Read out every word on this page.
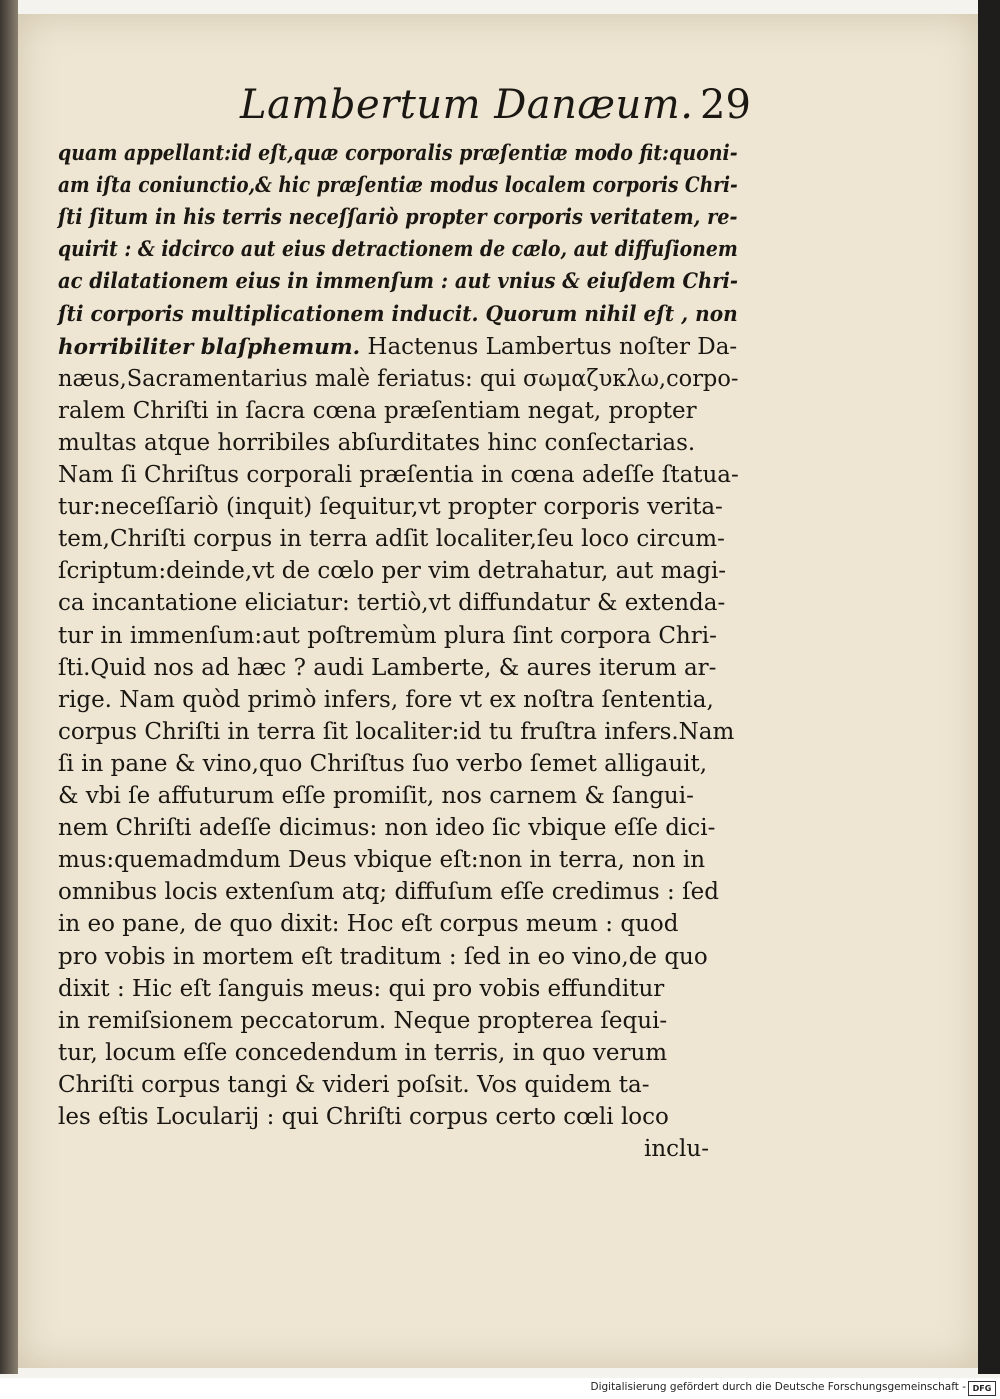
Lambertum Danæum. 29
quam appellant:id eſt,quæ corporalis præſentiæ modo fit:quoni-
am iſta coniunctio,& hic præſentiæ modus localem corporis Chri-
ſti ſitum in his terris neceſſariò propter corporis veritatem, re-
quirit : & idcirco aut eius detractionem de cælo, aut diffuſionem
ac dilatationem eius in immenſum : aut vnius & eiuſdem Chri-
ſti corporis multiplicationem inducit. Quorum nihil eſt , non
horribiliter blaſphemum. Hactenus Lambertus noſter Da-
næus,Sacramentarius malè feriatus: qui σωμαζυκλω,corpo-
ralem Chriſti in ſacra cœna præſentiam negat, propter
multas atque horribiles abſurditates hinc conſectarias.
Nam ſi Chriſtus corporali præſentia in cœna adeſſe ſtatua-
tur:neceſſariò (inquit) ſequitur,vt propter corporis verita-
tem,Chriſti corpus in terra adſit localiter,ſeu loco circum-
ſcriptum:deinde,vt de cœlo per vim detrahatur, aut magi-
ca incantatione eliciatur: tertiò,vt diffundatur & extenda-
tur in immenſum:aut poſtremùm plura ſint corpora Chri-
ſti.Quid nos ad hæc ? audi Lamberte, & aures iterum ar-
rige. Nam quòd primò infers, fore vt ex noſtra ſententia,
corpus Chriſti in terra ſit localiter:id tu fruſtra infers.Nam
ſi in pane & vino,quo Chriſtus ſuo verbo ſemet alligauit,
& vbi ſe affuturum eſſe promiſit, nos carnem & ſangui-
nem Chriſti adeſſe dicimus: non ideo ſic vbique eſſe dici-
mus:quemadmdum Deus vbique eſt:non in terra, non in
omnibus locis extenſum atq; diffuſum eſſe credimus : ſed
in eo pane, de quo dixit: Hoc eſt corpus meum : quod
pro vobis in mortem eſt traditum : ſed in eo vino,de quo
dixit : Hic eſt ſanguis meus: qui pro vobis effunditur
in remiſsionem peccatorum. Neque propterea ſequi-
tur, locum eſſe concedendum in terris, in quo verum
Chriſti corpus tangi & videri poſsit. Vos quidem ta-
les eſtis Locularij : qui Chriſti corpus certo cœli loco
inclu-
Digitalisierung gefördert durch die Deutsche Forschungsgemeinschaft - DFG
